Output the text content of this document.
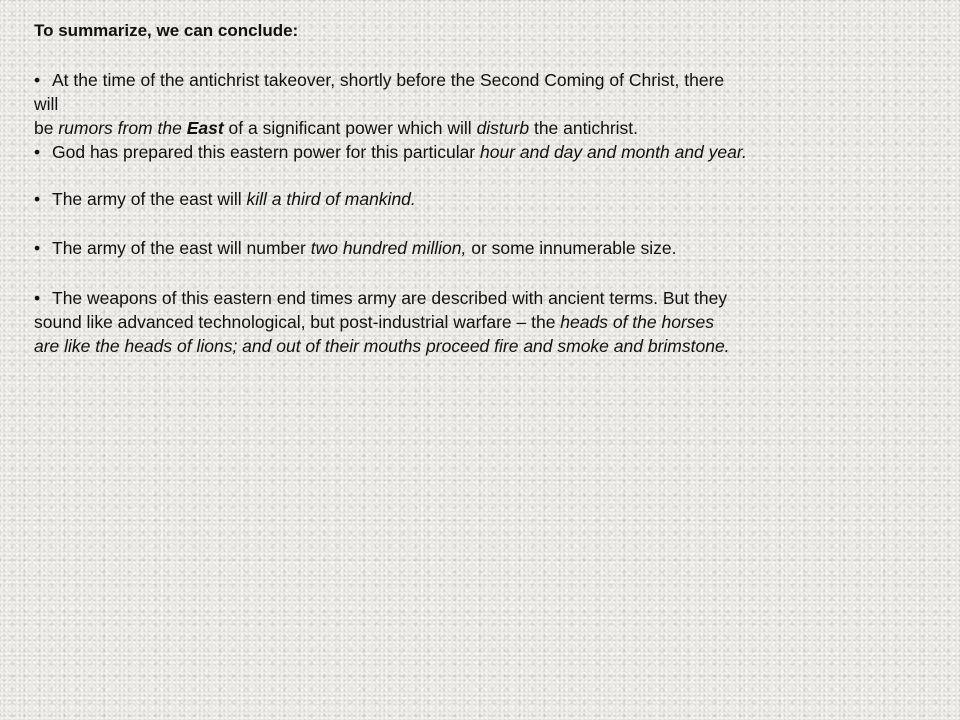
To summarize, we can conclude:

• At the time of the antichrist takeover, shortly before the Second Coming of Christ, there
will
be rumors from the East of a significant power which will disturb the antichrist.

• God has prepared this eastern power for this particular hour and day and month and year.

• The army of the east will kill a third of mankind.

• The army of the east will number two hundred million, or some innumerable size.

• The weapons of this eastern end times army are described with ancient terms. But they
sound like advanced technological, but post-industrial warfare – the heads of the horses
are like the heads of lions; and out of their mouths proceed fire and smoke and brimstone.
